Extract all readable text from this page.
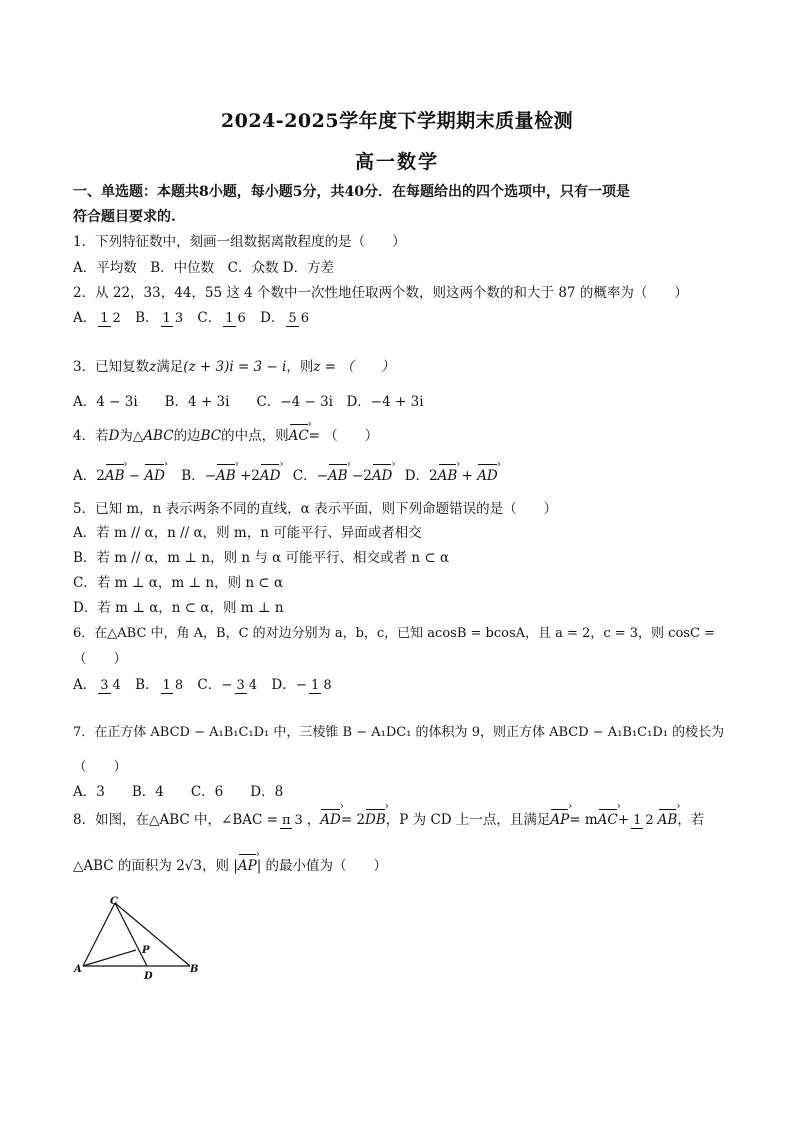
2024-2025学年度下学期期末质量检测
高一数学
一、单选题：本题共8小题，每小题5分，共40分．在每题给出的四个选项中，只有一项是
符合题目要求的.
1．下列特征数中，刻画一组数据离散程度的是（　　）
A．平均数　B．中位数　C．众数 D．方差
2．从 22，33，44，55 这 4 个数中一次性地任取两个数，则这两个数的和大于 87 的概率为（　　）
A． 1 2 B． 1 3 C． 1 6 D． 5 6
3．已知复数z满足(z + 3)i = 3 − i，则z = （　　）
A．4 − 3i　　B．4 + 3i　　C．−4 − 3i　D．−4 + 3i
4．若D为△ABC的边BC的中点，则AC ›= （　　）
A．2AB › − AD › B．−AB › +2AD › C．−AB › −2AD › D．2AB › + AD ›
5．已知 m，n 表示两条不同的直线，α 表示平面，则下列命题错误的是（　　）
A．若 m // α，n // α，则 m，n 可能平行、异面或者相交
B．若 m // α，m ⊥ n，则 n 与 α 可能平行、相交或者 n ⊂ α
C．若 m ⊥ α，m ⊥ n，则 n ⊂ α
D．若 m ⊥ α，n ⊂ α，则 m ⊥ n
6．在△ABC 中，角 A，B，C 的对边分别为 a，b，c，已知 acosB = bcosA，且 a = 2，c = 3，则 cosC =
（　　）
A． 3 4 B． 1 8 C．− 3 4 D．− 1 8
7．在正方体 ABCD − A₁B₁C₁D₁ 中，三棱锥 B − A₁DC₁ 的体积为 9，则正方体 ABCD − A₁B₁C₁D₁ 的棱长为
（　　）
A．3　　B．4　　C．6　　D．8
8．如图，在△ABC 中，∠BAC = π 3 ，AD ›= 2DB ›，P 为 CD 上一点，且满足AP ›= mAC ›+1 2 AB ›，若
△ABC 的面积为 2√3，则 |AP ›| 的最小值为（　　）
C
P
A
D
B
